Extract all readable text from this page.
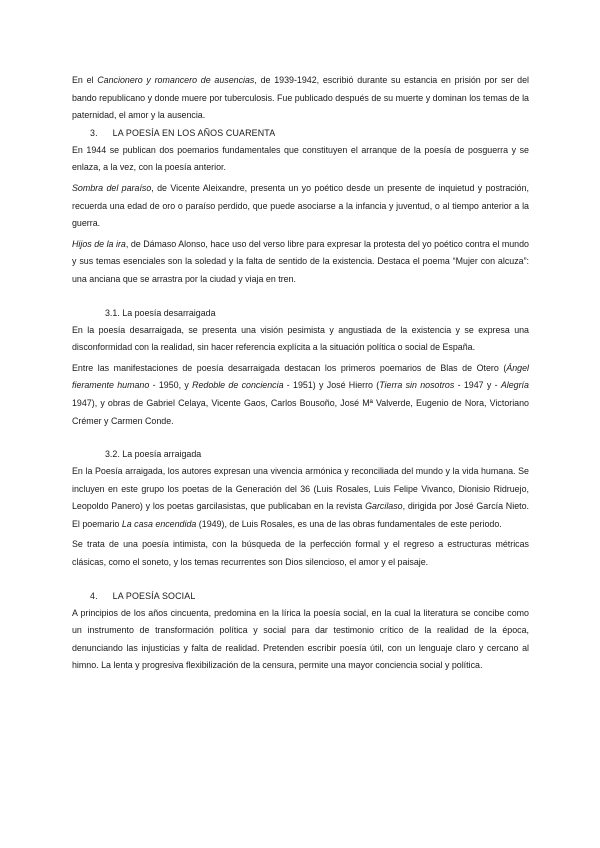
En el Cancionero y romancero de ausencias, de 1939-1942, escribió durante su estancia en prisión por ser del bando republicano y donde muere por tuberculosis. Fue publicado después de su muerte y dominan los temas de la paternidad, el amor y la ausencia.

3. LA POESÍA EN LOS AÑOS CUARENTA

En 1944 se publican dos poemarios fundamentales que constituyen el arranque de la poesía de posguerra y se enlaza, a la vez, con la poesía anterior.

Sombra del paraíso, de Vicente Aleixandre, presenta un yo poético desde un presente de inquietud y postración, recuerda una edad de oro o paraíso perdido, que puede asociarse a la infancia y juventud, o al tiempo anterior a la guerra.

Hijos de la ira, de Dámaso Alonso, hace uso del verso libre para expresar la protesta del yo poético contra el mundo y sus temas esenciales son la soledad y la falta de sentido de la existencia. Destaca el poema “Mujer con alcuza”: una anciana que se arrastra por la ciudad y viaja en tren.

3.1. La poesía desarraigada

En la poesía desarraigada, se presenta una visión pesimista y angustiada de la existencia y se expresa una disconformidad con la realidad, sin hacer referencia explícita a la situación política o social de España.

Entre las manifestaciones de poesía desarraigada destacan los primeros poemarios de Blas de Otero (Ángel fieramente humano - 1950, y Redoble de conciencia - 1951) y José Hierro (Tierra sin nosotros - 1947 y - Alegría 1947), y obras de Gabriel Celaya, Vicente Gaos, Carlos Bousoño, José Mª Valverde, Eugenio de Nora, Victoriano Crémer y Carmen Conde.

3.2. La poesía arraigada

En la Poesía arraigada, los autores expresan una vivencia armónica y reconciliada del mundo y la vida humana. Se incluyen en este grupo los poetas de la Generación del 36 (Luis Rosales, Luis Felipe Vivanco, Dionisio Ridruejo, Leopoldo Panero) y los poetas garcilasistas, que publicaban en la revista Garcilaso, dirigida por José García Nieto. El poemario La casa encendida (1949), de Luis Rosales, es una de las obras fundamentales de este periodo.

Se trata de una poesía intimista, con la búsqueda de la perfección formal y el regreso a estructuras métricas clásicas, como el soneto, y los temas recurrentes son Dios silencioso, el amor y el paisaje.

4. LA POESÍA SOCIAL

A principios de los años cincuenta, predomina en la lírica la poesía social, en la cual la literatura se concibe como un instrumento de transformación política y social para dar testimonio crítico de la realidad de la época, denunciando las injusticias y falta de realidad. Pretenden escribir poesía útil, con un lenguaje claro y cercano al himno. La lenta y progresiva flexibilización de la censura, permite una mayor conciencia social y política.
